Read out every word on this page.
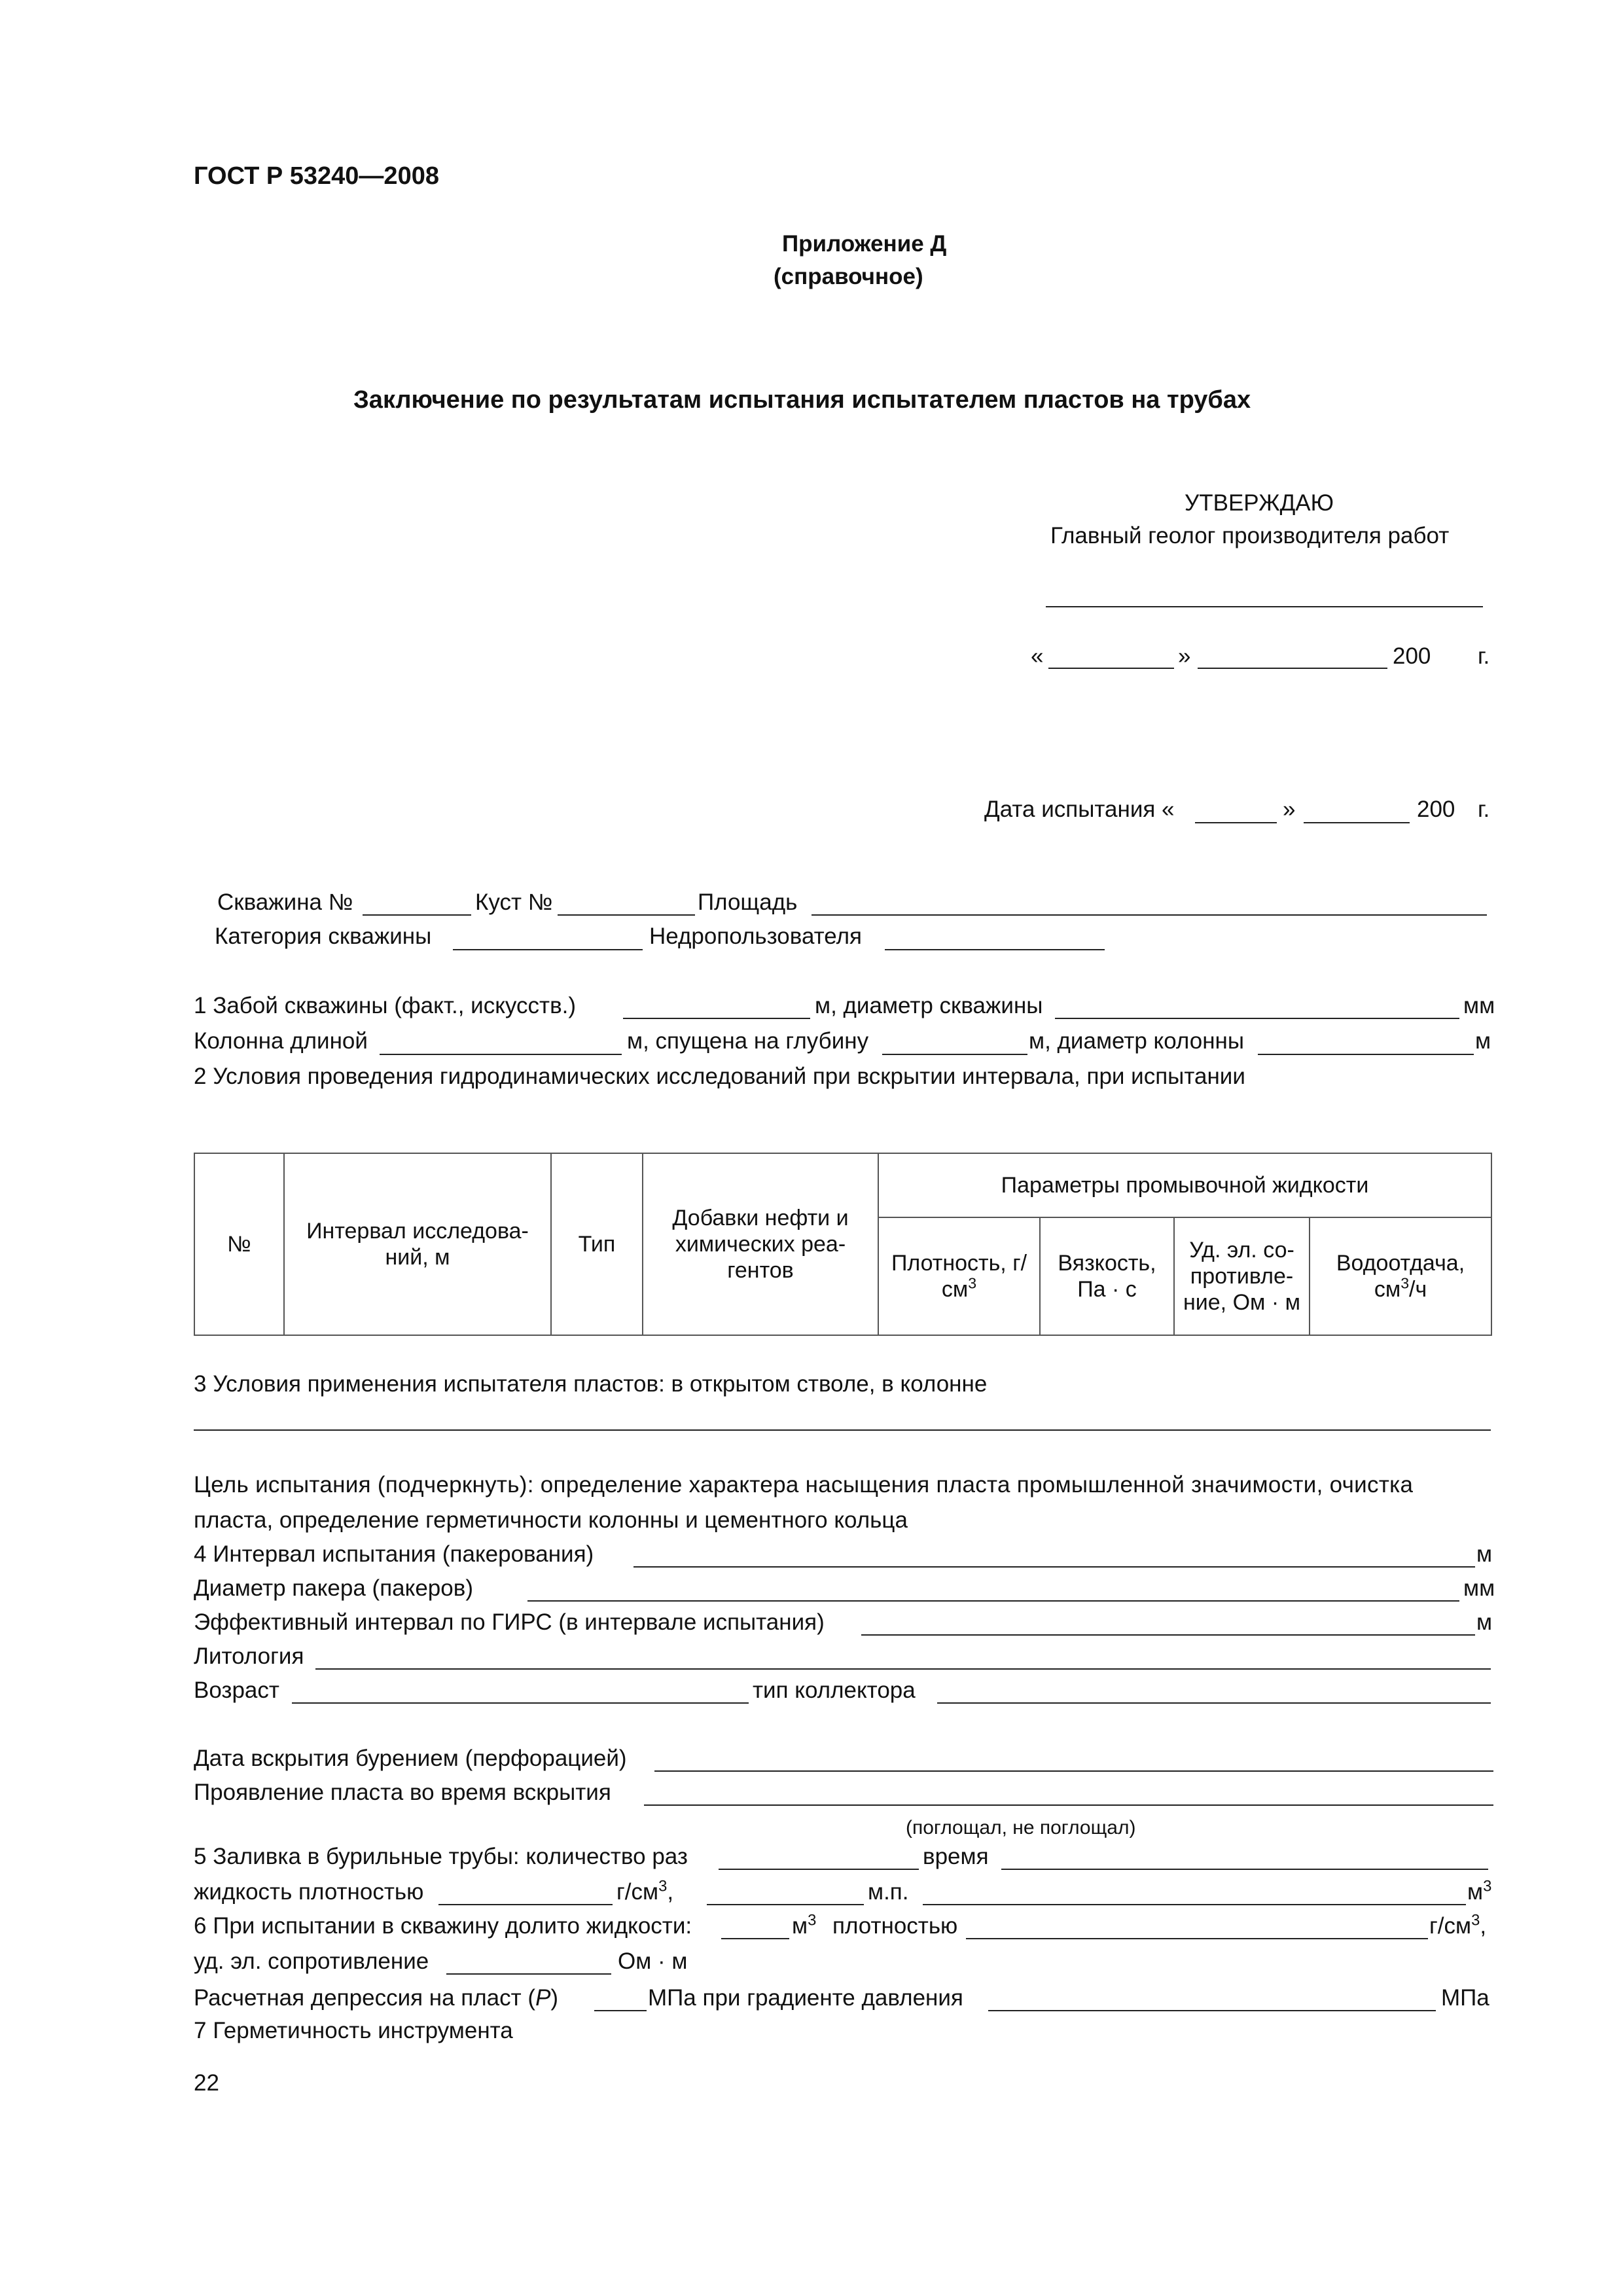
ГОСТ Р 53240—2008
Приложение Д
(справочное)
Заключение по результатам испытания испытателем пластов на трубах
УТВЕРЖДАЮ
Главный геолог производителя работ
«	»	200 г.
Дата испытания «	»	200 г.
Скважина №	Куст №	Площадь
Категория скважины	Недропользователя
1 Забой скважины (факт., искусств.)	м, диаметр скважины	мм
Колонна длиной	м, спущена на глубину	м, диаметр колонны	м
2 Условия проведения гидродинамических исследований при вскрытии интервала, при испытании
№	Интервал исследова-ний, м	Тип	Добавки нефти и химических реа-гентов	Параметры промывочной жидкости			
				Плотность, $г/см^3$	Вязкость, Па · с	Уд. эл. со-противле-ние, Ом · м	Водоотдача, $см^3/ч$
3 Условия применения испытателя пластов: в открытом стволе, в колонне
Цель испытания (подчеркнуть): определение характера насыщения пласта промышленной значимости, очистка
пласта, определение герметичности колонны и цементного кольца
4 Интервал испытания (пакерования)	м
Диаметр пакера (пакеров)	мм
Эффективный интервал по ГИРС (в интервале испытания)	м
Литология
Возраст	тип коллектора
Дата вскрытия бурением (перфорацией)
Проявление пласта во время вскрытия
(поглощал, не поглощал)
5 Заливка в бурильные трубы: количество раз	время
жидкость плотностью	$г/см^3$,	м.п.	$м^3$
6 При испытании в скважину долито жидкости:	$м^3$ плотностью	$г/см^3$,
уд. эл. сопротивление	Ом · м
Расчетная депрессия на пласт (P)	МПа при градиенте давления	МПа
7 Герметичность инструмента
22
